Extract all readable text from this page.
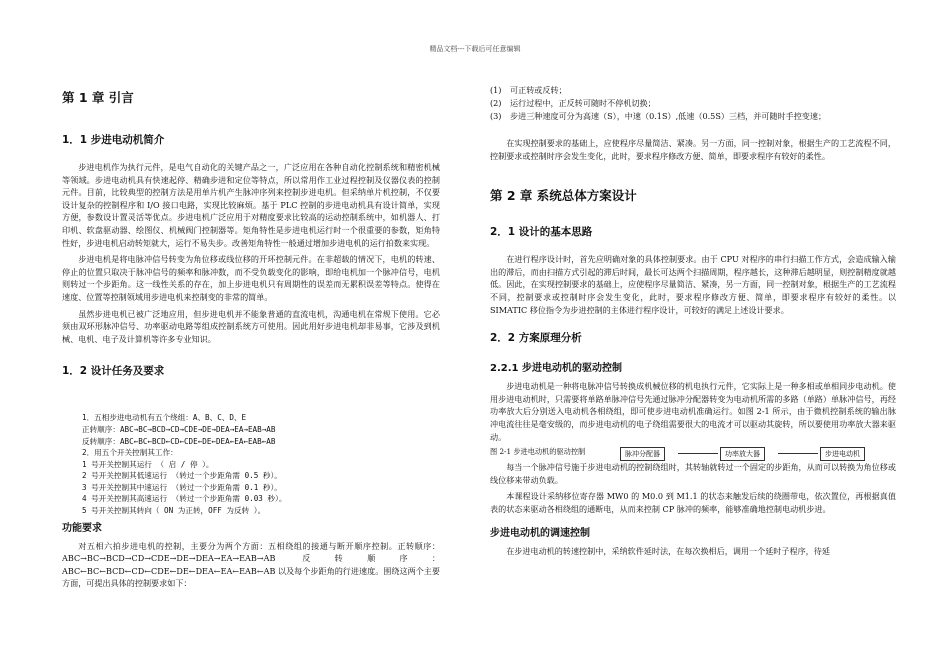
精品文档---下载后可任意编辑
第 1 章 引言
1．1 步进电动机简介

步进电机作为执行元件，是电气自动化的关键产品之一，广泛应用在各种自动化控制系统和精密机械等领域。步进电动机具有快速起停、精确步进和定位等特点，所以常用作工业过程控制及仪器仪表的控制元件。目前，比较典型的控制方法是用单片机产生脉冲序列来控制步进电机。但采纳单片机控制，不仅要设计复杂的控制程序和 I/O 接口电路，实现比较麻烦。基于 PLC 控制的步进电动机具有设计简单，实现方便，参数设计置灵活等优点。步进电机广泛应用于对精度要求比较高的运动控制系统中，如机器人、打印机、软盘驱动器、绘图仪、机械阀门控制器等。矩角特性是步进电机运行时一个很重要的参数，矩角特性好，步进电机启动转矩就大，运行不易失步。改善矩角特性一般通过增加步进电机的运行拍数来实现。

步进电机是将电脉冲信号转变为角位移或线位移的开环控制元件。在非超载的情况下，电机的转速、停止的位置只取决于脉冲信号的频率和脉冲数，而不受负载变化的影响，即给电机加一个脉冲信号，电机则转过一个步距角。这一线性关系的存在，加上步进电机只有周期性的误差而无累积误差等特点。使得在速度、位置等控制领域用步进电机来控制变的非常的简单。

虽然步进电机已被广泛地应用，但步进电机并不能象普通的直流电机，沟通电机在常规下使用。它必须由双环形脉冲信号、功率驱动电路等组成控制系统方可使用。因此用好步进电机却非易事，它涉及到机械、电机、电子及计算机等许多专业知识。

1．2 设计任务及要求
1．五相步进电动机有五个绕组：A、B、C、D、E
正转顺序：ABC→BC→BCD→CD→CDE→DE→DEA→EA→EAB→AB
反转顺序：ABC←BC←BCD←CD←CDE←DE←DEA←EA←EAB←AB
2．用五个开关控制其工作：
1 号开关控制其运行 （ 启 / 停 ）。
2 号开关控制其低速运行 （转过一个步距角需 0.5 秒）。
3 号开关控制其中速运行 （转过一个步距角需 0.1 秒）。
4 号开关控制其高速运行 （转过一个步距角需 0.03 秒）。
5 号开关控制其转向（ ON 为正转，OFF 为反转 ）。
功能要求

对五相六拍步进电机的控制，主要分为两个方面：五相绕组的接通与断开顺序控制。正转顺序：ABC→BC→BCD→CD→CDE→DE→DEA→EA→EAB→AB 反转顺序：ABC←BC←BCD←CD←CDE←DE←DEA←EA←EAB←AB 以及每个步距角的行进速度。围绕这两个主要方面，可提出具体的控制要求如下：

(1) 可正转或反转；
(2) 运行过程中，正反转可随时不停机切换；
(3) 步进三种速度可分为高速（S），中速（0.1S）,低速（0.5S）三档，并可随时手控变速；

在实现控制要求的基础上，应使程序尽量简洁、紧凑。另一方面，同一控制对象，根据生产的工艺流程不同，控制要求或控制时序会发生变化，此时，要求程序修改方便、简单，即要求程序有较好的柔性。

第 2 章 系统总体方案设计
2．1 设计的基本思路

在进行程序设计时，首先应明确对象的具体控制要求。由于 CPU 对程序的串行扫描工作方式，会造成输入输出的滞后，而由扫描方式引起的滞后时间，最长可达两个扫描周期，程序越长，这种滞后越明显，则控制精度就越低。因此，在实现控制要求的基础上，应使程序尽量简洁、紧凑，另一方面，同一控制对象，根据生产的工艺流程不同，控制要求或控制时序会发生变化，此时，要求程序修改方便、简单，即要求程序有较好的柔性。以 SIMATIC 移位指令为步进控制的主体进行程序设计，可较好的满足上述设计要求。

2．2 方案原理分析
2.2.1 步进电动机的驱动控制

步进电动机是一种将电脉冲信号转换成机械位移的机电执行元件，它实际上是一种多相或单相同步电动机。使用步进电动机时，只需要将单路单脉冲信号先通过脉冲分配器转变为电动机所需的多路（单路）单脉冲信号，再经功率放大后分别送入电动机各相绕组，即可使步进电动机准确运行。如图 2-1 所示，由于微机控制系统的输出脉冲电流往往是毫安级的，而步进电动机的电子绕组需要很大的电流才可以驱动其旋转，所以要使用功率放大器来驱动。

图 2-1 步进电动机的驱动控制	脉冲分配器	功率放大器	步进电动机

每当一个脉冲信号施于步进电动机的控制绕组时，其转轴就转过一个固定的步距角，从而可以转换为角位移或线位移来带动负载。

本课程设计采纳移位寄存器 MW0 的 M0.0 到 M1.1 的状态来触发后续的绕圈带电，依次置位，再根据真值表的状态来驱动各相绕组的通断电，从而来控制 CP 脉冲的频率，能够准确地控制电动机步进。

步进电动机的调速控制

在步进电动机的转速控制中，采纳软件延时法，在每次换相后，调用一个延时子程序，待延
